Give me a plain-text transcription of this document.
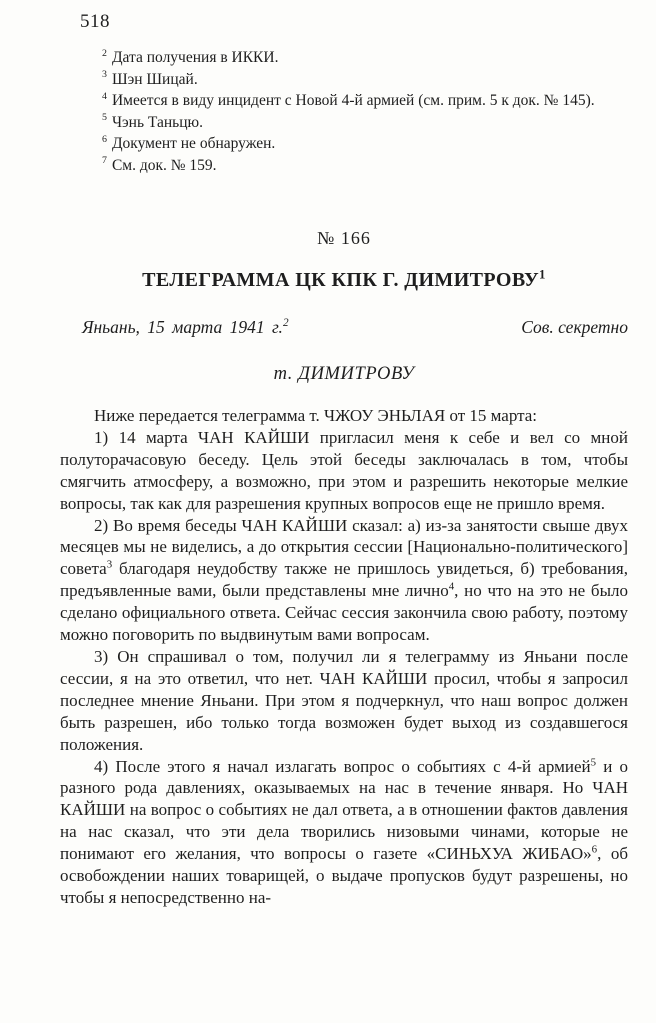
518

$^2$ Дата получения в ИККИ.

$^3$ Шэн Шицай.

$^4$ Имеется в виду инцидент с Новой 4-й армией (см. прим. 5 к док. № 145).

$^5$ Чэнь Таньцю.

$^6$ Документ не обнаружен.

$^7$ См. док. № 159.

№ 166
ТЕЛЕГРАММА ЦК КПК Г. ДИМИТРОВУ$^1$
Яньань, 15 марта 1941 г.$^2$	Сов. секретно
т. ДИМИТРОВУ

Ниже передается телеграмма т. ЧЖОУ ЭНЬЛАЯ от 15 марта:

1) 14 марта ЧАН КАЙШИ пригласил меня к себе и вел со мной полуторачасовую беседу. Цель этой беседы заключалась в том, чтобы смягчить атмосферу, а возможно, при этом и разрешить некоторые мелкие вопросы, так как для разрешения крупных вопросов еще не пришло время.

2) Во время беседы ЧАН КАЙШИ сказал: а) из-за занятости свыше двух месяцев мы не виделись, а до открытия сессии [Национально-политического] совета$^3$ благодаря неудобству также не пришлось увидеться, б) требования, предъявленные вами, были представлены мне лично$^4$, но что на это не было сделано официального ответа. Сейчас сессия закончила свою работу, поэтому можно поговорить по выдвинутым вами вопросам.

3) Он спрашивал о том, получил ли я телеграмму из Яньани после сессии, я на это ответил, что нет. ЧАН КАЙШИ просил, чтобы я запросил последнее мнение Яньани. При этом я подчеркнул, что наш вопрос должен быть разрешен, ибо только тогда возможен будет выход из создавшегося положения.

4) После этого я начал излагать вопрос о событиях с 4-й армией$^5$ и о разного рода давлениях, оказываемых на нас в течение января. Но ЧАН КАЙШИ на вопрос о событиях не дал ответа, а в отношении фактов давления на нас сказал, что эти дела творились низовыми чинами, которые не понимают его желания, что вопросы о газете «СИНЬХУА ЖИБАО»$^6$, об освобождении наших товарищей, о выдаче пропусков будут разрешены, но чтобы я непосредственно на-
